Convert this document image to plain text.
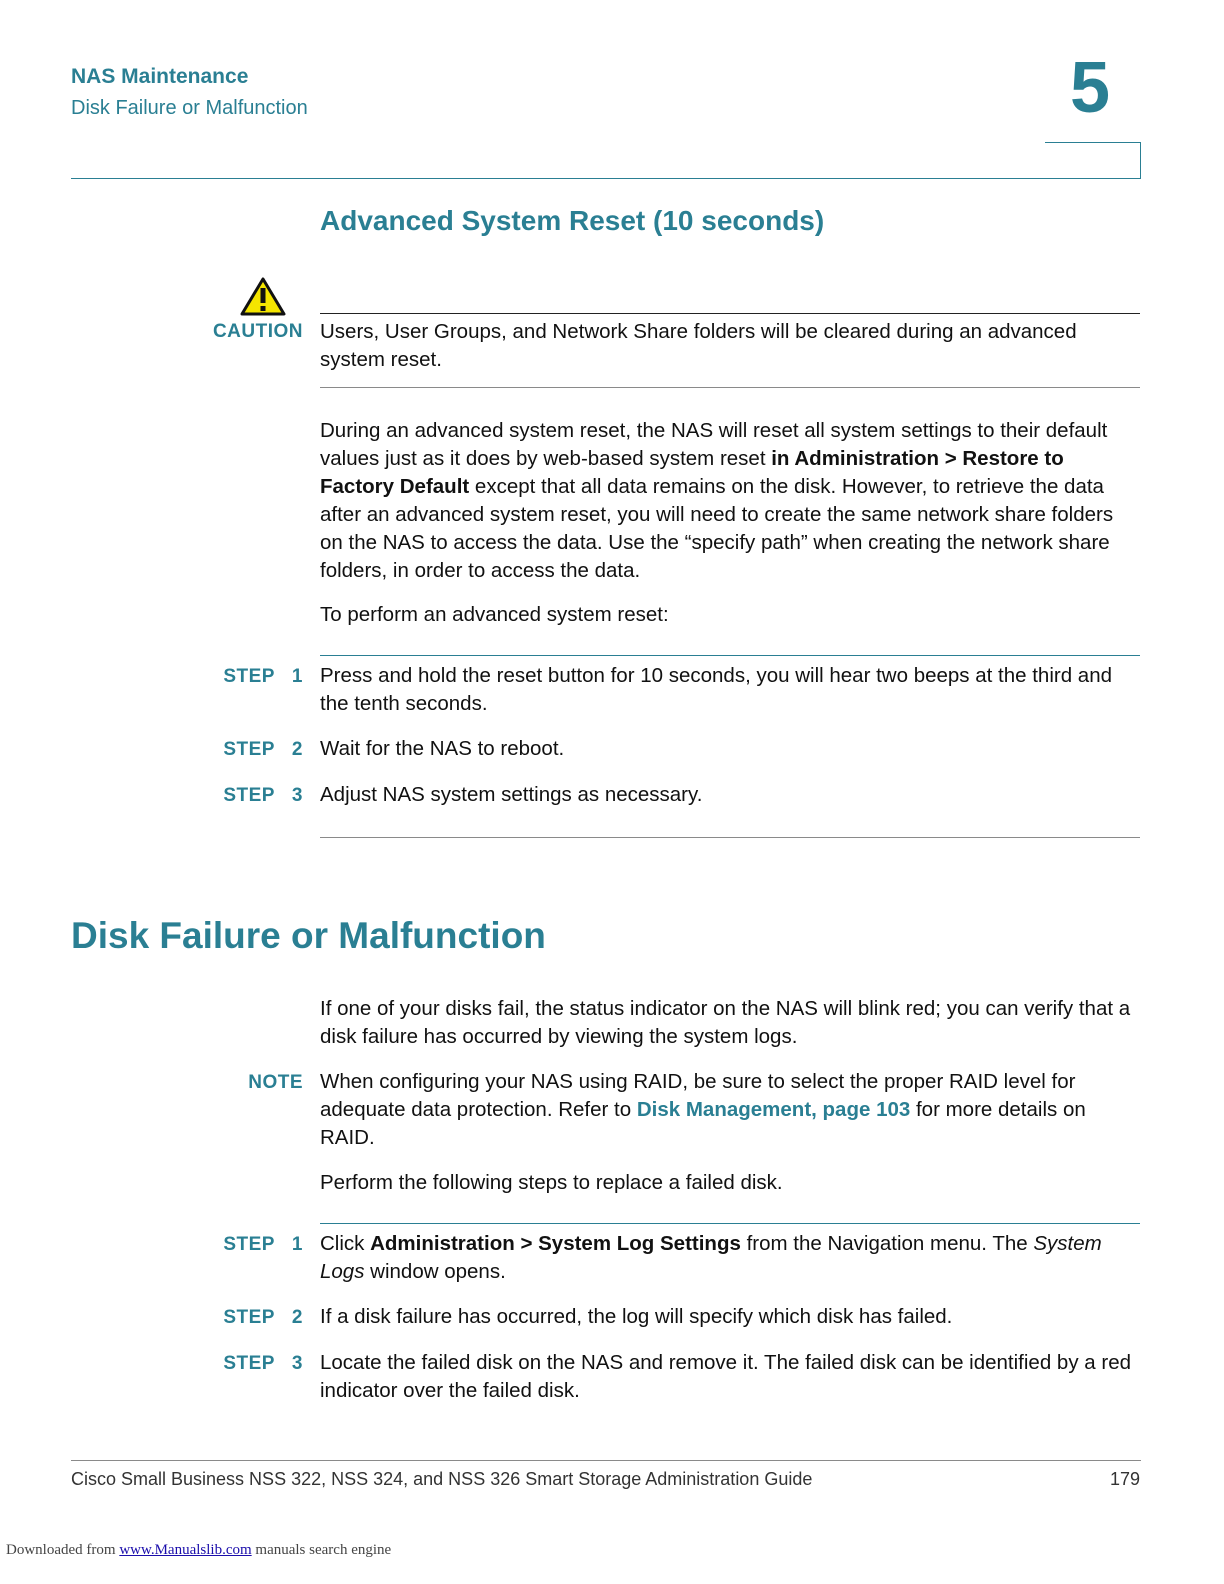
NAS Maintenance
Disk Failure or Malfunction	5
Advanced System Reset (10 seconds)
CAUTION Users, User Groups, and Network Share folders will be cleared during an advanced system reset.
During an advanced system reset, the NAS will reset all system settings to their default values just as it does by web-based system reset in Administration > Restore to Factory Default except that all data remains on the disk. However, to retrieve the data after an advanced system reset, you will need to create the same network share folders on the NAS to access the data. Use the “specify path” when creating the network share folders, in order to access the data.
To perform an advanced system reset:
STEP   1 Press and hold the reset button for 10 seconds, you will hear two beeps at the third and the tenth seconds.
STEP   2 Wait for the NAS to reboot.
STEP   3 Adjust NAS system settings as necessary.
Disk Failure or Malfunction
If one of your disks fail, the status indicator on the NAS will blink red; you can verify that a disk failure has occurred by viewing the system logs.
NOTE When configuring your NAS using RAID, be sure to select the proper RAID level for adequate data protection. Refer to Disk Management, page 103 for more details on RAID.
Perform the following steps to replace a failed disk.
STEP   1 Click Administration > System Log Settings from the Navigation menu. The System Logs window opens.
STEP   2 If a disk failure has occurred, the log will specify which disk has failed.
STEP   3 Locate the failed disk on the NAS and remove it. The failed disk can be identified by a red indicator over the failed disk.
Cisco Small Business NSS 322, NSS 324, and NSS 326 Smart Storage Administration Guide	179
Downloaded from www.Manualslib.com manuals search engine
